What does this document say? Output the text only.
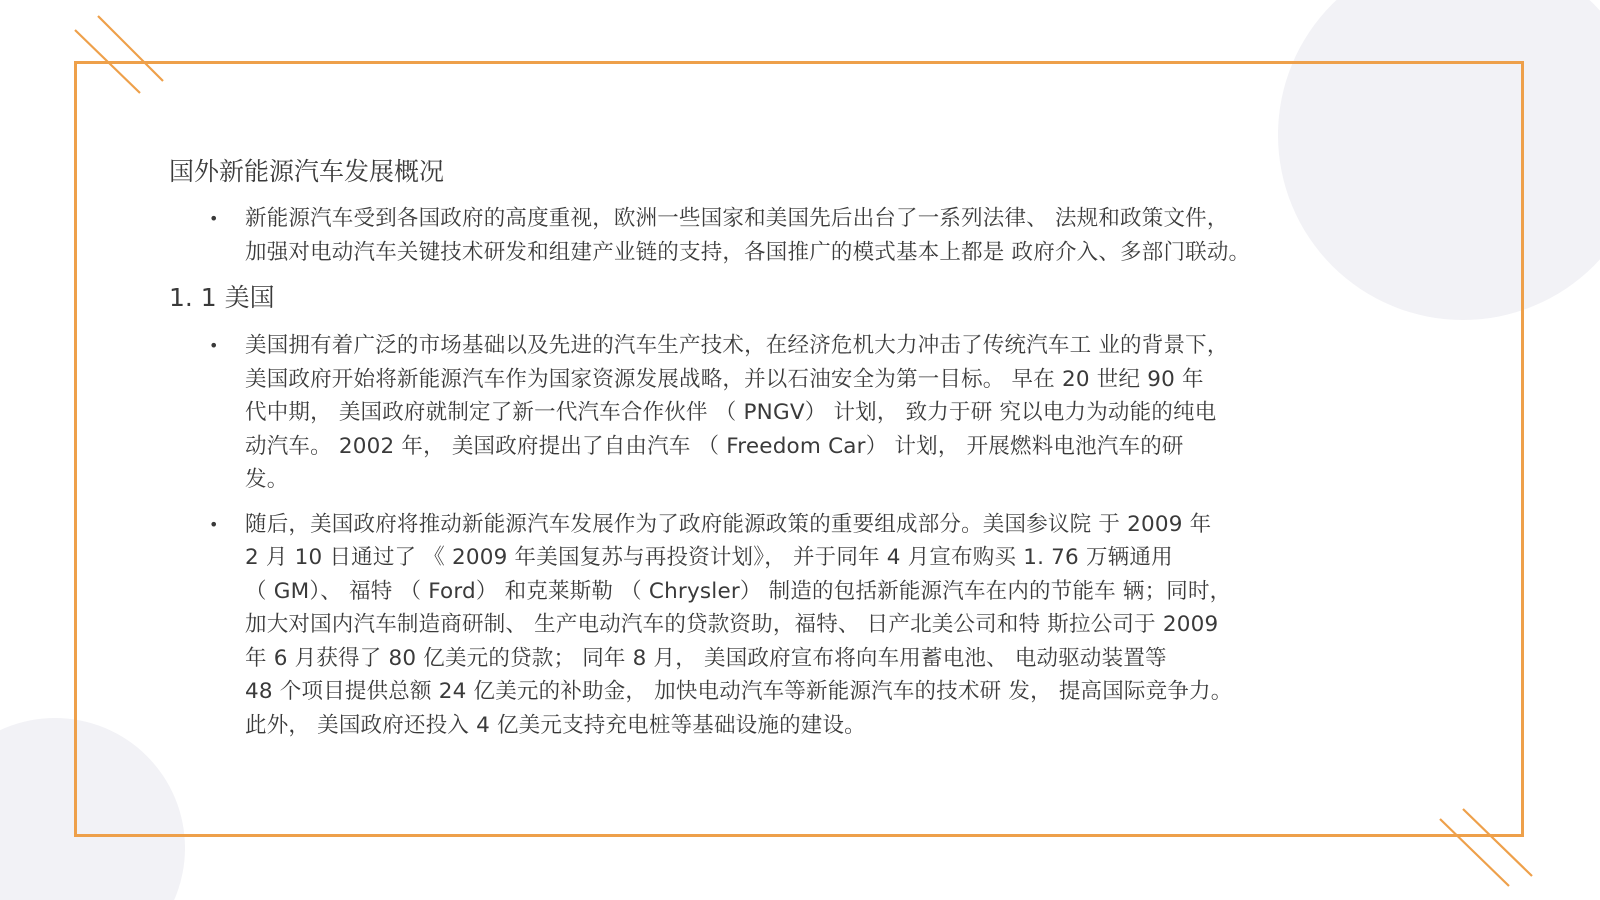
国外新能源汽车发展概况
•	新能源汽车受到各国政府的高度重视，欧洲一些国家和美国先后出台了一系列法律、 法规和政策文件，
加强对电动汽车关键技术研发和组建产业链的支持，各国推广的模式基本上都是 政府介入、多部门联动。
1. 1 美国
•	美国拥有着广泛的市场基础以及先进的汽车生产技术，在经济危机大力冲击了传统汽车工 业的背景下，
美国政府开始将新能源汽车作为国家资源发展战略，并以石油安全为第一目标。 早在 20 世纪 90 年
代中期， 美国政府就制定了新一代汽车合作伙伴 （ PNGV） 计划， 致力于研 究以电力为动能的纯电
动汽车。 2002 年， 美国政府提出了自由汽车 （ Freedom Car） 计划， 开展燃料电池汽车的研
发。
•	随后，美国政府将推动新能源汽车发展作为了政府能源政策的重要组成部分。美国参议院 于 2009 年
2 月 10 日通过了 《 2009 年美国复苏与再投资计划》， 并于同年 4 月宣布购买 1. 76 万辆通用
（ GM）、 福特 （ Ford） 和克莱斯勒 （ Chrysler） 制造的包括新能源汽车在内的节能车 辆；同时，
加大对国内汽车制造商研制、 生产电动汽车的贷款资助，福特、 日产北美公司和特 斯拉公司于 2009
年 6 月获得了 80 亿美元的贷款； 同年 8 月， 美国政府宣布将向车用蓄电池、 电动驱动装置等
48 个项目提供总额 24 亿美元的补助金， 加快电动汽车等新能源汽车的技术研 发， 提高国际竞争力。
此外， 美国政府还投入 4 亿美元支持充电桩等基础设施的建设。
